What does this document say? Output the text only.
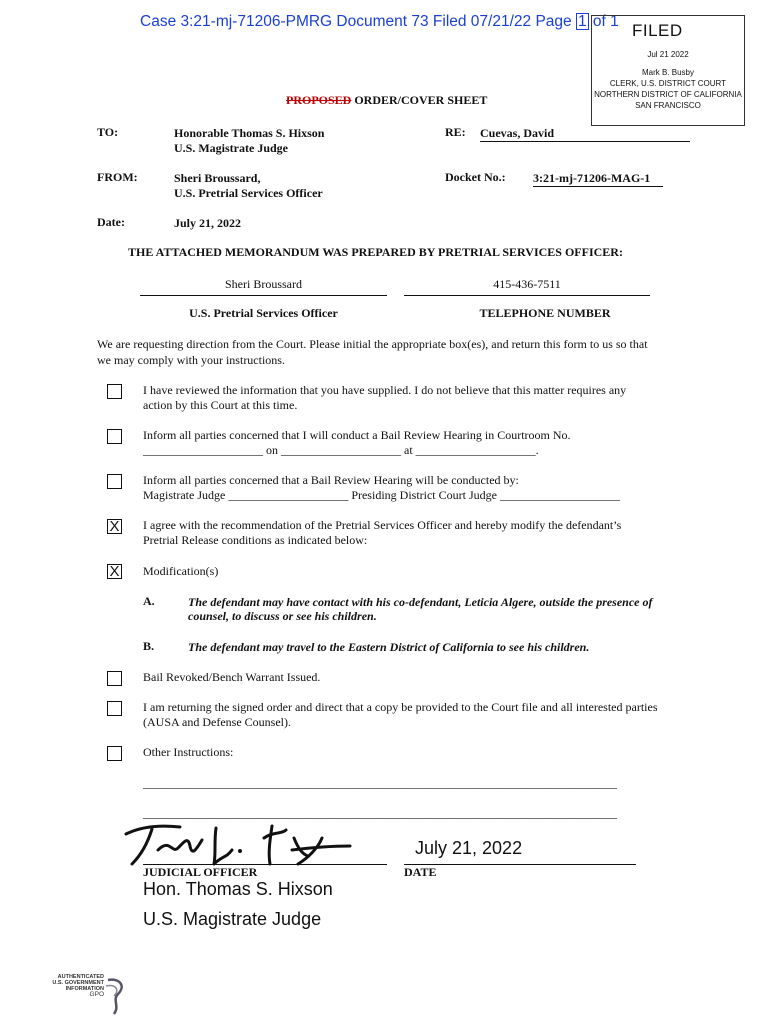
Case 3:21-mj-71206-PMRG Document 73 Filed 07/21/22 Page 1 of 1 FILED
Jul 21 2022
Mark B. Busby
CLERK, U.S. DISTRICT COURT
NORTHERN DISTRICT OF CALIFORNIA
SAN FRANCISCO
PROPOSED ORDER/COVER SHEET
TO:	Honorable Thomas S. Hixson
U.S. Magistrate Judge
RE: Cuevas, David
FROM:	Sheri Broussard,
U.S. Pretrial Services Officer
Docket No.: 3:21-mj-71206-MAG-1
Date:	July 21, 2022
THE ATTACHED MEMORANDUM WAS PREPARED BY PRETRIAL SERVICES OFFICER:
Sheri Broussard	415-436-7511
U.S. Pretrial Services Officer	TELEPHONE NUMBER
We are requesting direction from the Court. Please initial the appropriate box(es), and return this form to us so that
we may comply with your instructions.
I have reviewed the information that you have supplied. I do not believe that this matter requires any
action by this Court at this time.
Inform all parties concerned that I will conduct a Bail Review Hearing in Courtroom No.
____________________ on ____________________ at ____________________.
Inform all parties concerned that a Bail Review Hearing will be conducted by:
Magistrate Judge ____________________ Presiding District Court Judge ____________________
X I agree with the recommendation of the Pretrial Services Officer and hereby modify the defendant’s
Pretrial Release conditions as indicated below:
X Modification(s)
A.	The defendant may have contact with his co-defendant, Leticia Algere, outside the presence of
counsel, to discuss or see his children.
B.	The defendant may travel to the Eastern District of California to see his children.
Bail Revoked/Bench Warrant Issued.
I am returning the signed order and direct that a copy be provided to the Court file and all interested parties
(AUSA and Defense Counsel).
Other Instructions:
_______________________________________________________________________________
_______________________________________________________________________________
JUDICIAL OFFICER
July 21, 2022
DATE
Hon. Thomas S. Hixson
U.S. Magistrate Judge
AUTHENTICATED
U.S. GOVERNMENT
INFORMATION
GPO
